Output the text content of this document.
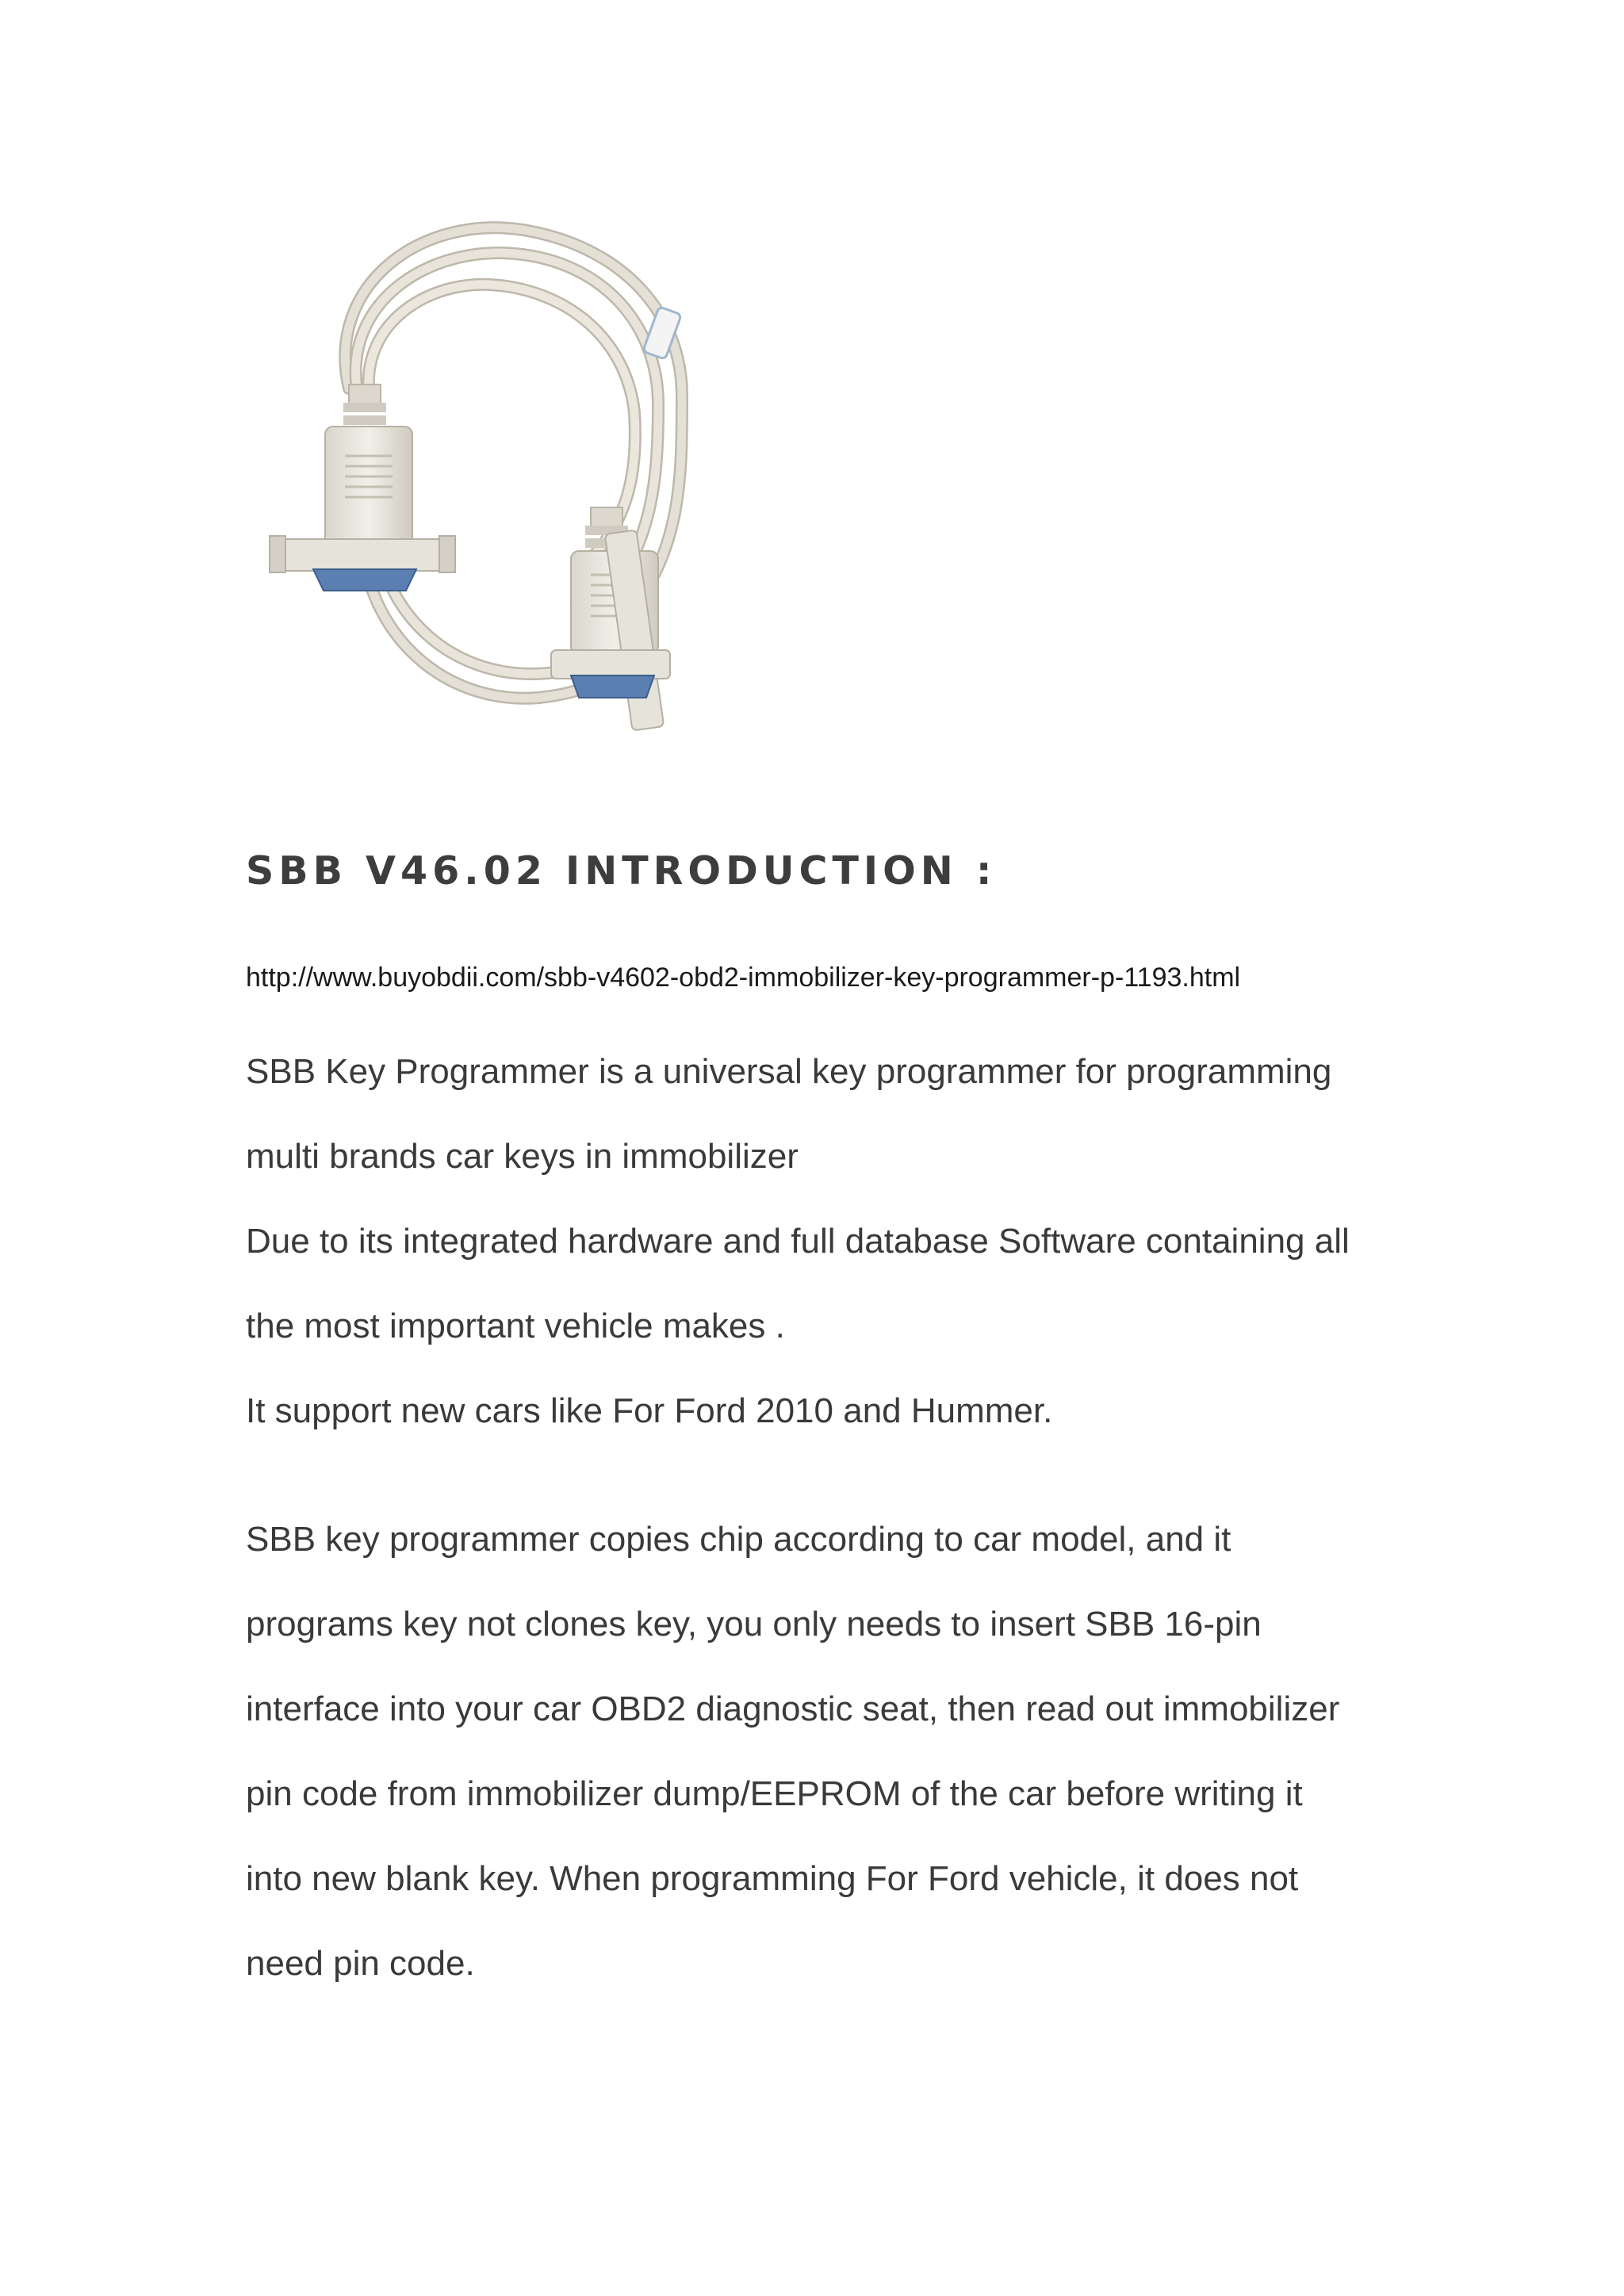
SBB V46.02 INTRODUCTION :
http://www.buyobdii.com/sbb-v4602-obd2-immobilizer-key-programmer-p-1193.html
SBB Key Programmer is a universal key programmer for programming
multi brands car keys in immobilizer
Due to its integrated hardware and full database Software containing all
the most important vehicle makes .
It support new cars like For Ford 2010 and Hummer.
SBB key programmer copies chip according to car model, and it
programs key not clones key, you only needs to insert SBB 16-pin
interface into your car OBD2 diagnostic seat, then read out immobilizer
pin code from immobilizer dump/EEPROM of the car before writing it
into new blank key. When programming For Ford vehicle, it does not
need pin code.
